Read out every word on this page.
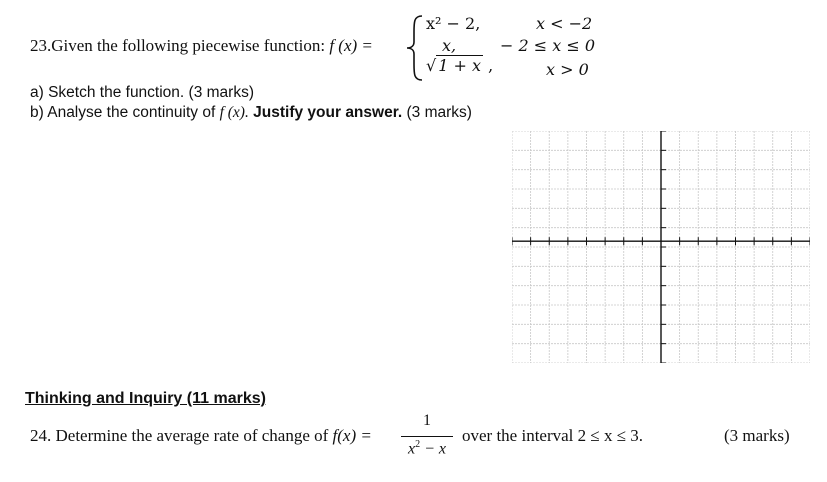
23.Given the following piecewise function: f (x) =
x² − 2,
x,
√ 1 + x ,
x < −2
− 2 ≤ x ≤ 0
x > 0
a) Sketch the function. (3 marks)
b) Analyse the continuity of f (x). Justify your answer. (3 marks)
Thinking and Inquiry (11 marks)
24. Determine the average rate of change of f(x) =
1
$x^2 - x$
over the interval 2 ≤ x ≤ 3.	(3 marks)
